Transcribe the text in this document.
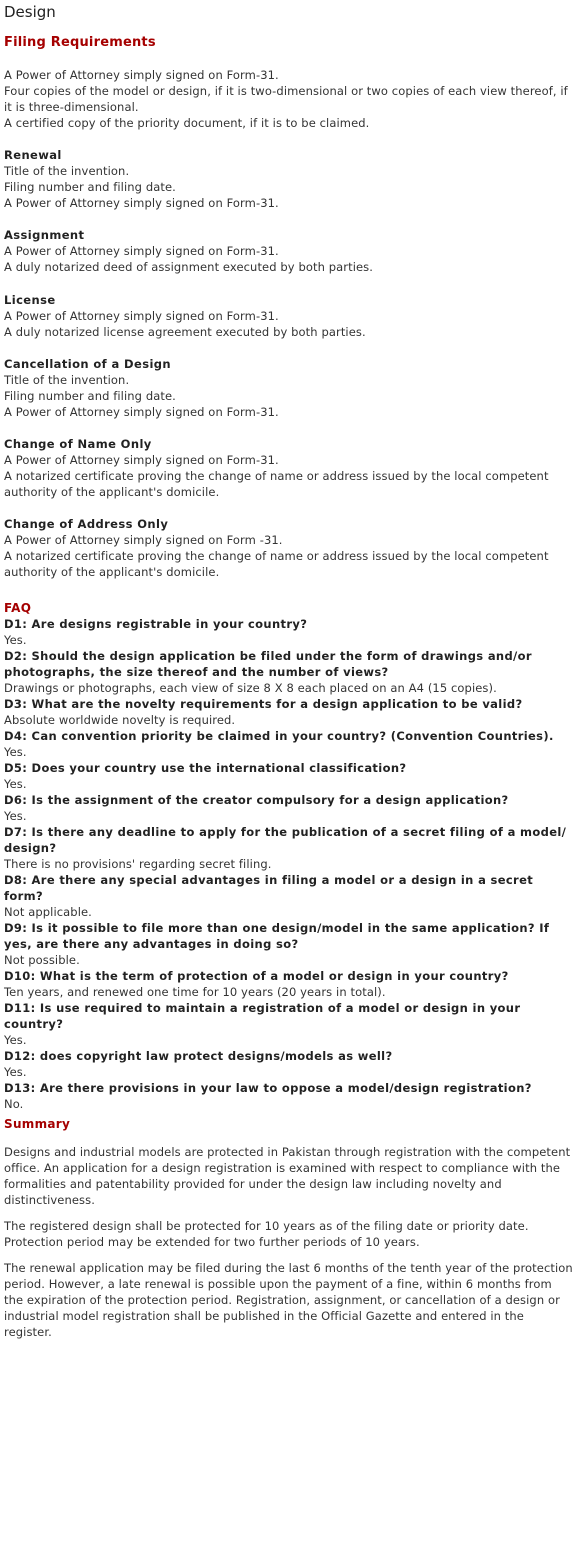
Design
Filing Requirements
A Power of Attorney simply signed on Form-31.
Four copies of the model or design, if it is two-dimensional or two copies of each view thereof, if it is three-dimensional.
A certified copy of the priority document, if it is to be claimed.
Renewal
Title of the invention.
Filing number and filing date.
A Power of Attorney simply signed on Form-31.
Assignment
A Power of Attorney simply signed on Form-31.
A duly notarized deed of assignment executed by both parties.
License
A Power of Attorney simply signed on Form-31.
A duly notarized license agreement executed by both parties.
Cancellation of a Design
Title of the invention.
Filing number and filing date.
A Power of Attorney simply signed on Form-31.
Change of Name Only
A Power of Attorney simply signed on Form-31.
A notarized certificate proving the change of name or address issued by the local competent authority of the applicant's domicile.
Change of Address Only
A Power of Attorney simply signed on Form -31.
A notarized certificate proving the change of name or address issued by the local competent authority of the applicant's domicile.
FAQ
D1: Are designs registrable in your country?
Yes.
D2: Should the design application be filed under the form of drawings and/or photographs, the size thereof and the number of views?
Drawings or photographs, each view of size 8 X 8 each placed on an A4 (15 copies).
D3: What are the novelty requirements for a design application to be valid?
Absolute worldwide novelty is required.
D4: Can convention priority be claimed in your country? (Convention Countries).
Yes.
D5: Does your country use the international classification?
Yes.
D6: Is the assignment of the creator compulsory for a design application?
Yes.
D7: Is there any deadline to apply for the publication of a secret filing of a model/ design?
There is no provisions' regarding secret filing.
D8: Are there any special advantages in filing a model or a design in a secret form?
Not applicable.
D9: Is it possible to file more than one design/model in the same application? If yes, are there any advantages in doing so?
Not possible.
D10: What is the term of protection of a model or design in your country?
Ten years, and renewed one time for 10 years (20 years in total).
D11: Is use required to maintain a registration of a model or design in your country?
Yes.
D12: does copyright law protect designs/models as well?
Yes.
D13: Are there provisions in your law to oppose a model/design registration?
No.
Summary

Designs and industrial models are protected in Pakistan through registration with the competent office. An application for a design registration is examined with respect to compliance with the formalities and patentability provided for under the design law including novelty and distinctiveness.

The registered design shall be protected for 10 years as of the filing date or priority date. Protection period may be extended for two further periods of 10 years.

The renewal application may be filed during the last 6 months of the tenth year of the protection period. However, a late renewal is possible upon the payment of a fine, within 6 months from the expiration of the protection period. Registration, assignment, or cancellation of a design or industrial model registration shall be published in the Official Gazette and entered in the register.
